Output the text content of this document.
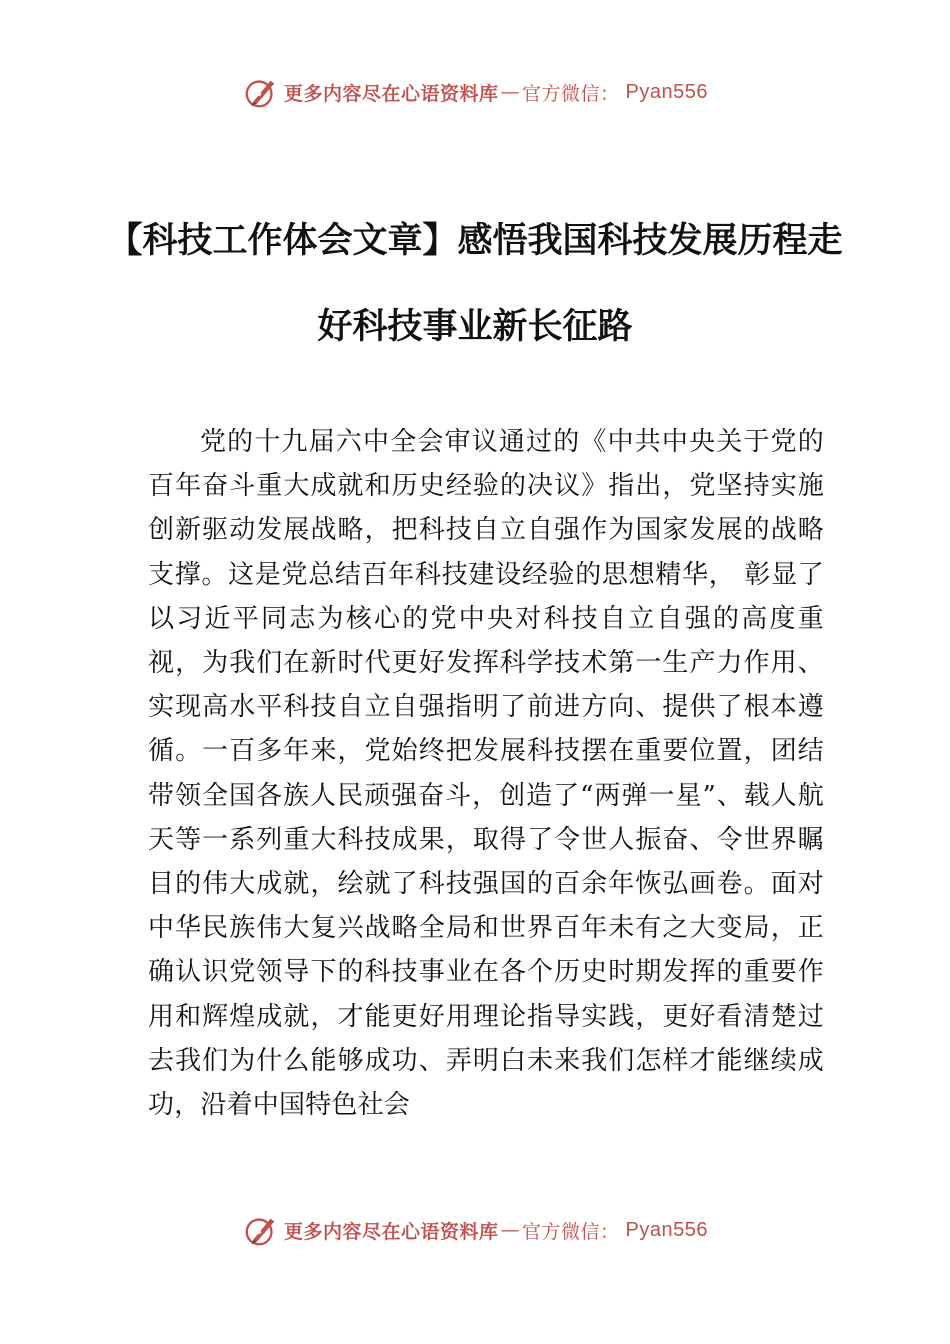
更多内容尽在心语资料库 — 官方微信： Pyan556
【科技工作体会文章】感悟我国科技发展历程走好科技事业新长征路

党的十九届六中全会审议通过的《中共中央关于党的百年奋斗重大成就和历史经验的决议》指出，党坚持实施创新驱动发展战略，把科技自立自强作为国家发展的战略支撑。这是党总结百年科技建设经验的思想精华， 彰显了以习近平同志为核心的党中央对科技自立自强的高度重视，为我们在新时代更好发挥科学技术第一生产力作用、实现高水平科技自立自强指明了前进方向、提供了根本遵循。一百多年来，党始终把发展科技摆在重要位置，团结带领全国各族人民顽强奋斗，创造了“两弹一星”、载人航天等一系列重大科技成果，取得了令世人振奋、令世界瞩目的伟大成就，绘就了科技强国的百余年恢弘画卷。面对中华民族伟大复兴战略全局和世界百年未有之大变局，正确认识党领导下的科技事业在各个历史时期发挥的重要作用和辉煌成就，才能更好用理论指导实践，更好看清楚过去我们为什么能够成功、弄明白未来我们怎样才能继续成功，沿着中国特色社会

更多内容尽在心语资料库 — 官方微信： Pyan556
